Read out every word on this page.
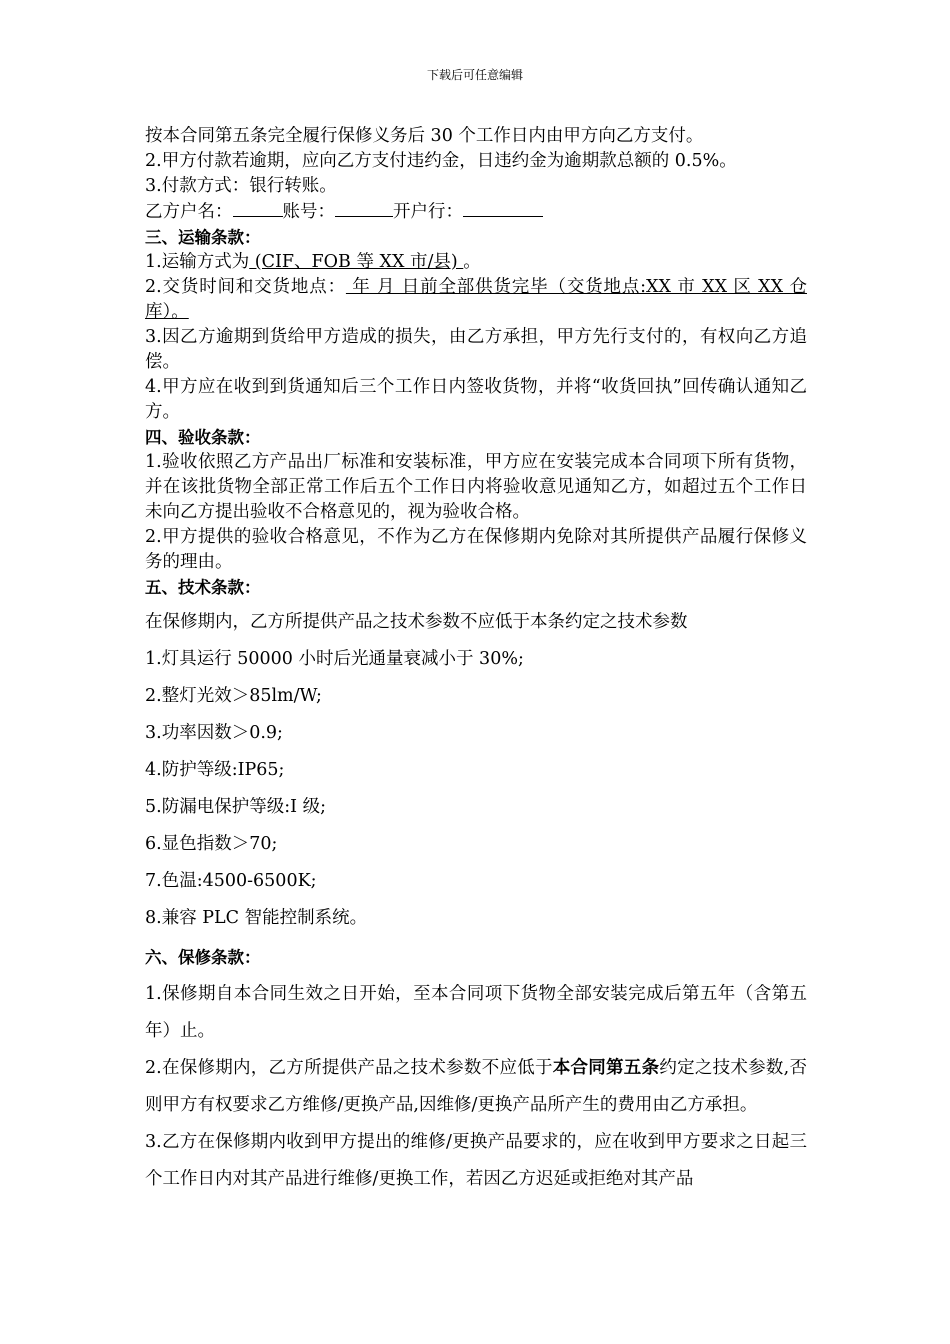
下载后可任意编辑

按本合同第五条完全履行保修义务后 30 个工作日内由甲方向乙方支付。

2.甲方付款若逾期，应向乙方支付违约金，日违约金为逾期款总额的 0.5%。

3.付款方式：银行转账。

乙方户名：	账号：	开户行：

三、运输条款：

1.运输方式为 (CIF、FOB 等 XX 市/县) 。

2.交货时间和交货地点： 年 月 日前全部供货完毕（交货地点:XX 市 XX 区 XX 仓库）。

3.因乙方逾期到货给甲方造成的损失，由乙方承担，甲方先行支付的，有权向乙方追偿。

4.甲方应在收到到货通知后三个工作日内签收货物，并将“收货回执”回传确认通知乙方。

四、验收条款：

1.验收依照乙方产品出厂标准和安装标准，甲方应在安装完成本合同项下所有货物，并在该批货物全部正常工作后五个工作日内将验收意见通知乙方，如超过五个工作日未向乙方提出验收不合格意见的，视为验收合格。

2.甲方提供的验收合格意见，不作为乙方在保修期内免除对其所提供产品履行保修义务的理由。

五、技术条款：

在保修期内，乙方所提供产品之技术参数不应低于本条约定之技术参数

1.灯具运行 50000 小时后光通量衰减小于 30%;

2.整灯光效＞85lm/W;

3.功率因数＞0.9;

4.防护等级:IP65;

5.防漏电保护等级:I 级;

6.显色指数＞70;

7.色温:4500-6500K;

8.兼容 PLC 智能控制系统。

六、保修条款：

1.保修期自本合同生效之日开始，至本合同项下货物全部安装完成后第五年（含第五年）止。

2.在保修期内，乙方所提供产品之技术参数不应低于本合同第五条约定之技术参数,否则甲方有权要求乙方维修/更换产品,因维修/更换产品所产生的费用由乙方承担。

3.乙方在保修期内收到甲方提出的维修/更换产品要求的，应在收到甲方要求之日起三个工作日内对其产品进行维修/更换工作，若因乙方迟延或拒绝对其产品
